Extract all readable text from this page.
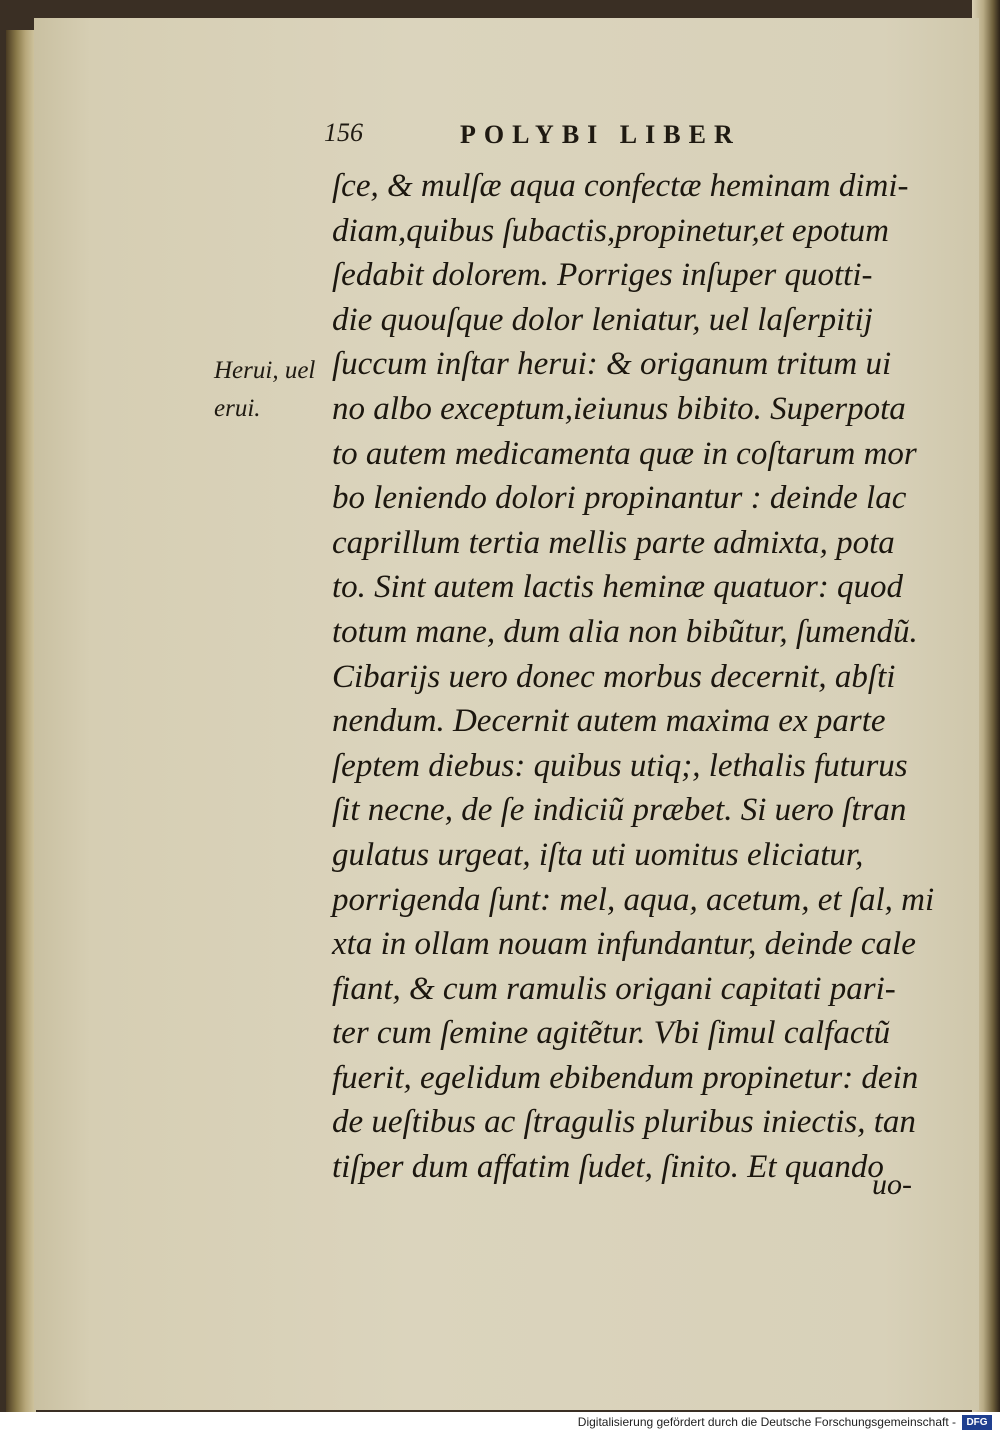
156	POLYBI LIBER
Herui, uel
erui.
ſce, & mulſæ aqua confectæ heminam dimi-
diam,quibus ſubactis,propinetur,et epotum
ſedabit dolorem. Porriges inſuper quotti-
die quouſque dolor leniatur, uel laſerpitij
ſuccum inſtar herui: & origanum tritum ui
no albo exceptum,ieiunus bibito. Superpota
to autem medicamenta quæ in coſtarum mor
bo leniendo dolori propinantur : deinde lac
caprillum tertia mellis parte admixta, pota
to. Sint autem lactis heminæ quatuor: quod
totum mane, dum alia non bibũtur, ſumendũ.
Cibarijs uero donec morbus decernit, abſti
nendum. Decernit autem maxima ex parte
ſeptem diebus: quibus utiq;, lethalis futurus
ſit necne, de ſe indiciũ præbet. Si uero ſtran
gulatus urgeat, iſta uti uomitus eliciatur,
porrigenda ſunt: mel, aqua, acetum, et ſal, mi
xta in ollam nouam infundantur, deinde cale
fiant, & cum ramulis origani capitati pari-
ter cum ſemine agitẽtur. Vbi ſimul calfactũ
fuerit, egelidum ebibendum propinetur: dein
de ueſtibus ac ſtragulis pluribus iniectis, tan
tiſper dum affatim ſudet, ſinito. Et quando
uo-
Digitalisierung gefördert durch die Deutsche Forschungsgemeinschaft -	DFG
